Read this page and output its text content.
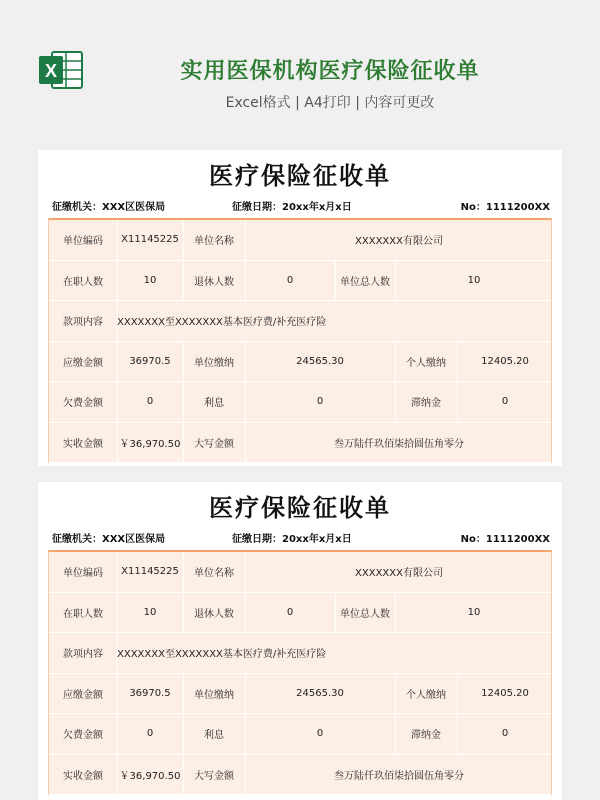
X	实用医保机构医疗保险征收单
Excel格式 | A4打印 | 内容可更改
医疗保险征收单
征缴机关：XXX区医保局	征缴日期：20xx年x月x日	No：1111200XX
单位编码	X11145225	单位名称	XXXXXXX有限公司
在职人数	10	退休人数	0	单位总人数	10
款项内容	XXXXXXX至XXXXXXX基本医疗费/补充医疗险
应缴金额	36970.5	单位缴纳	24565.30	个人缴纳	12405.20
欠费金额	0	利息	0	滞纳金	0
实收金额	￥36,970.50	大写金额	叁万陆仟玖佰柒拾圆伍角零分
医疗保险征收单
征缴机关：XXX区医保局	征缴日期：20xx年x月x日	No：1111200XX
单位编码	X11145225	单位名称	XXXXXXX有限公司
在职人数	10	退休人数	0	单位总人数	10
款项内容	XXXXXXX至XXXXXXX基本医疗费/补充医疗险
应缴金额	36970.5	单位缴纳	24565.30	个人缴纳	12405.20
欠费金额	0	利息	0	滞纳金	0
实收金额	￥36,970.50	大写金额	叁万陆仟玖佰柒拾圆伍角零分
